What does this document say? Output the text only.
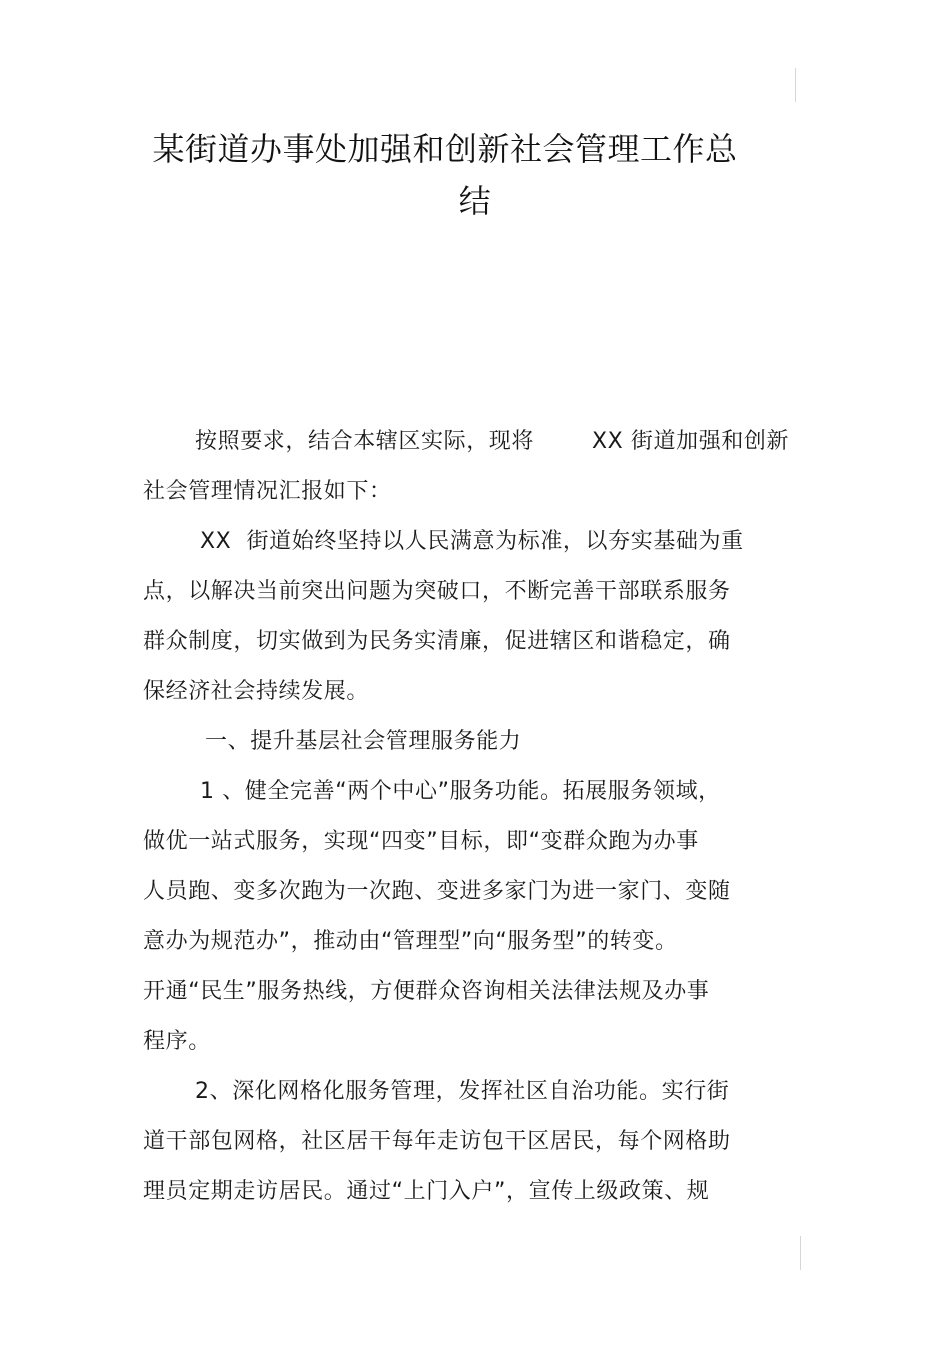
某街道办事处加强和创新社会管理工作总
结
按照要求，结合本辖区实际，现将	XX 街道加强和创新
社会管理情况汇报如下：
XX  街道始终坚持以人民满意为标准，以夯实基础为重
点，以解决当前突出问题为突破口，不断完善干部联系服务
群众制度，切实做到为民务实清廉，促进辖区和谐稳定，确
保经济社会持续发展。
一、提升基层社会管理服务能力
1 、健全完善“两个中心”服务功能。拓展服务领域，
做优一站式服务，实现“四变”目标，即“变群众跑为办事
人员跑、变多次跑为一次跑、变进多家门为进一家门、变随
意办为规范办”，推动由“管理型”向“服务型”的转变。
开通“民生”服务热线，方便群众咨询相关法律法规及办事
程序。
2、深化网格化服务管理，发挥社区自治功能。实行街
道干部包网格，社区居干每年走访包干区居民，每个网格助
理员定期走访居民。通过“上门入户”，宣传上级政策、规
